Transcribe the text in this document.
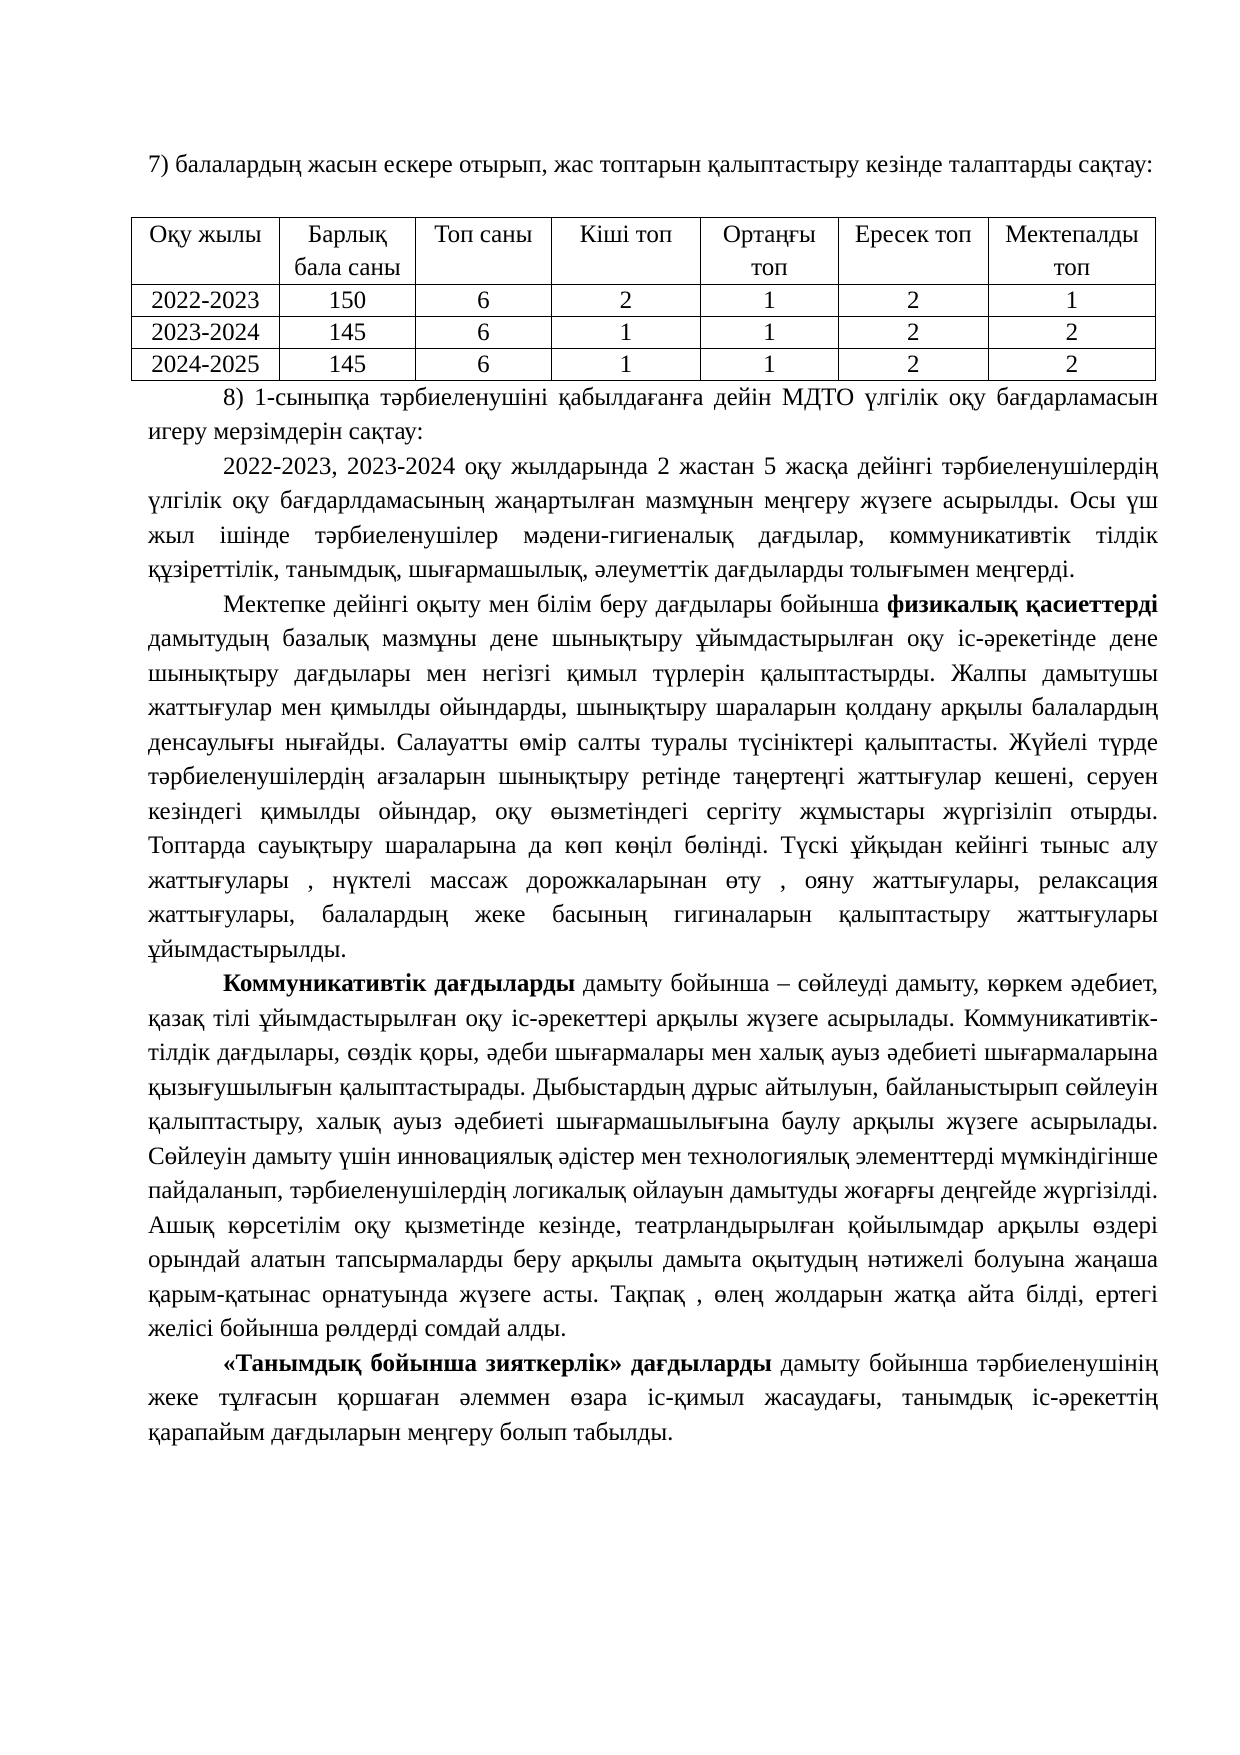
7) балалардың жасын ескере отырып, жас топтарын қалыптастыру кезінде талаптарды сақтау:

Оқу жылы	Барлық бала саны	Топ саны	Кіші топ	Ортаңғы топ	Ересек топ	Мектепалды топ
2022-2023	150	6	2	1	2	1
2023-2024	145	6	1	1	2	2
2024-2025	145	6	1	1	2	2

8) 1-сыныпқа тәрбиеленушіні қабылдағанға дейін МДТО үлгілік оқу бағдарламасын игеру мерзімдерін сақтау:

2022-2023, 2023-2024 оқу жылдарында 2 жастан 5 жасқа дейінгі тәрбиеленушілердің үлгілік оқу бағдарлдамасының жаңартылған мазмұнын меңгеру жүзеге асырылды. Осы үш жыл ішінде тәрбиеленушілер мәдени-гигиеналық дағдылар, коммуникативтік тілдік құзіреттілік, танымдық, шығармашылық, әлеуметтік дағдыларды толығымен меңгерді.

Мектепке дейінгі оқыту мен білім беру дағдылары бойынша физикалық қасиеттерді дамытудың базалық мазмұны дене шынықтыру ұйымдастырылған оқу іс-әрекетінде дене шынықтыру дағдылары мен негізгі қимыл түрлерін қалыптастырды. Жалпы дамытушы жаттығулар мен қимылды ойындарды, шынықтыру шараларын қолдану арқылы балалардың денсаулығы нығайды. Салауатты өмір салты туралы түсініктері қалыптасты. Жүйелі түрде тәрбиеленушілердің ағзаларын шынықтыру ретінде таңертеңгі жаттығулар кешені, серуен кезіндегі қимылды ойындар, оқу өызметіндегі сергіту жұмыстары жүргізіліп отырды. Топтарда сауықтыру шараларына да көп көңіл бөлінді. Түскі ұйқыдан кейінгі тыныс алу жаттығулары , нүктелі массаж дорожкаларынан өту , ояну жаттығулары, релаксация жаттығулары, балалардың жеке басының гигиналарын қалыптастыру жаттығулары ұйымдастырылды.

Коммуникативтік дағдыларды дамыту бойынша – сөйлеуді дамыту, көркем әдебиет, қазақ тілі ұйымдастырылған оқу іс-әрекеттері арқылы жүзеге асырылады. Коммуникативтік- тілдік дағдылары, сөздік қоры, әдеби шығармалары мен халық ауыз әдебиеті шығармаларына қызығушылығын қалыптастырады. Дыбыстардың дұрыс айтылуын, байланыстырып сөйлеуін қалыптастыру, халық ауыз әдебиеті шығармашылығына баулу арқылы жүзеге асырылады. Сөйлеуін дамыту үшін инновациялық әдістер мен технологиялық элементтерді мүмкіндігінше пайдаланып, тәрбиеленушілердің логикалық ойлауын дамытуды жоғарғы деңгейде жүргізілді. Ашық көрсетілім оқу қызметінде кезінде, театрландырылған қойылымдар арқылы өздері орындай алатын тапсырмаларды беру арқылы дамыта оқытудың нәтижелі болуына жаңаша қарым-қатынас орнатуында жүзеге асты. Тақпақ , өлең жолдарын жатқа айта білді, ертегі желісі бойынша рөлдерді сомдай алды.

«Танымдық бойынша зияткерлік» дағдыларды дамыту бойынша тәрбиеленушінің жеке тұлғасын қоршаған әлеммен өзара іс-қимыл жасаудағы, танымдық іс-әрекеттің қарапайым дағдыларын меңгеру болып табылды.
